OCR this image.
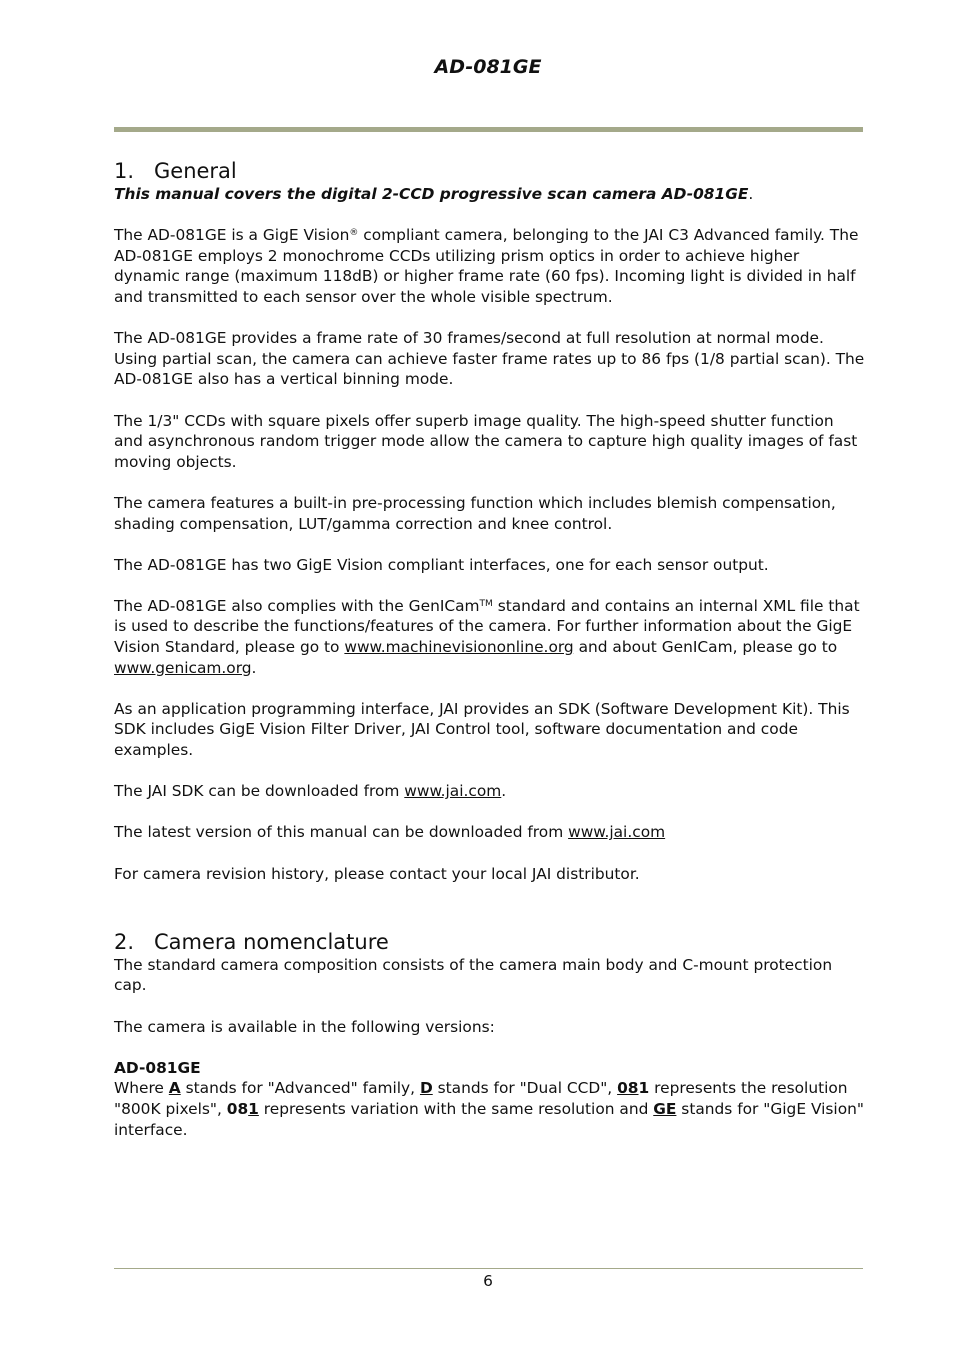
AD-081GE
1. General

This manual covers the digital 2-CCD progressive scan camera AD-081GE.

The AD-081GE is a GigE Vision® compliant camera, belonging to the JAI C3 Advanced family. The AD-081GE employs 2 monochrome CCDs utilizing prism optics in order to achieve higher dynamic range (maximum 118dB) or higher frame rate (60 fps). Incoming light is divided in half and transmitted to each sensor over the whole visible spectrum.

The AD-081GE provides a frame rate of 30 frames/second at full resolution at normal mode. Using partial scan, the camera can achieve faster frame rates up to 86 fps (1/8 partial scan). The AD-081GE also has a vertical binning mode.

The 1/3" CCDs with square pixels offer superb image quality. The high-speed shutter function and asynchronous random trigger mode allow the camera to capture high quality images of fast moving objects.

The camera features a built-in pre-processing function which includes blemish compensation, shading compensation, LUT/gamma correction and knee control.

The AD-081GE has two GigE Vision compliant interfaces, one for each sensor output.

The AD-081GE also complies with the GenICam™ standard and contains an internal XML file that is used to describe the functions/features of the camera. For further information about the GigE Vision Standard, please go to www.machinevisiononline.org and about GenICam, please go to www.genicam.org.

As an application programming interface, JAI provides an SDK (Software Development Kit). This SDK includes GigE Vision Filter Driver, JAI Control tool, software documentation and code examples.

The JAI SDK can be downloaded from www.jai.com.

The latest version of this manual can be downloaded from www.jai.com

For camera revision history, please contact your local JAI distributor.

2. Camera nomenclature

The standard camera composition consists of the camera main body and C-mount protection cap.

The camera is available in the following versions:

AD-081GE

Where A stands for "Advanced" family, D stands for "Dual CCD", 081 represents the resolution "800K pixels", 081 represents variation with the same resolution and GE stands for "GigE Vision" interface.

6
